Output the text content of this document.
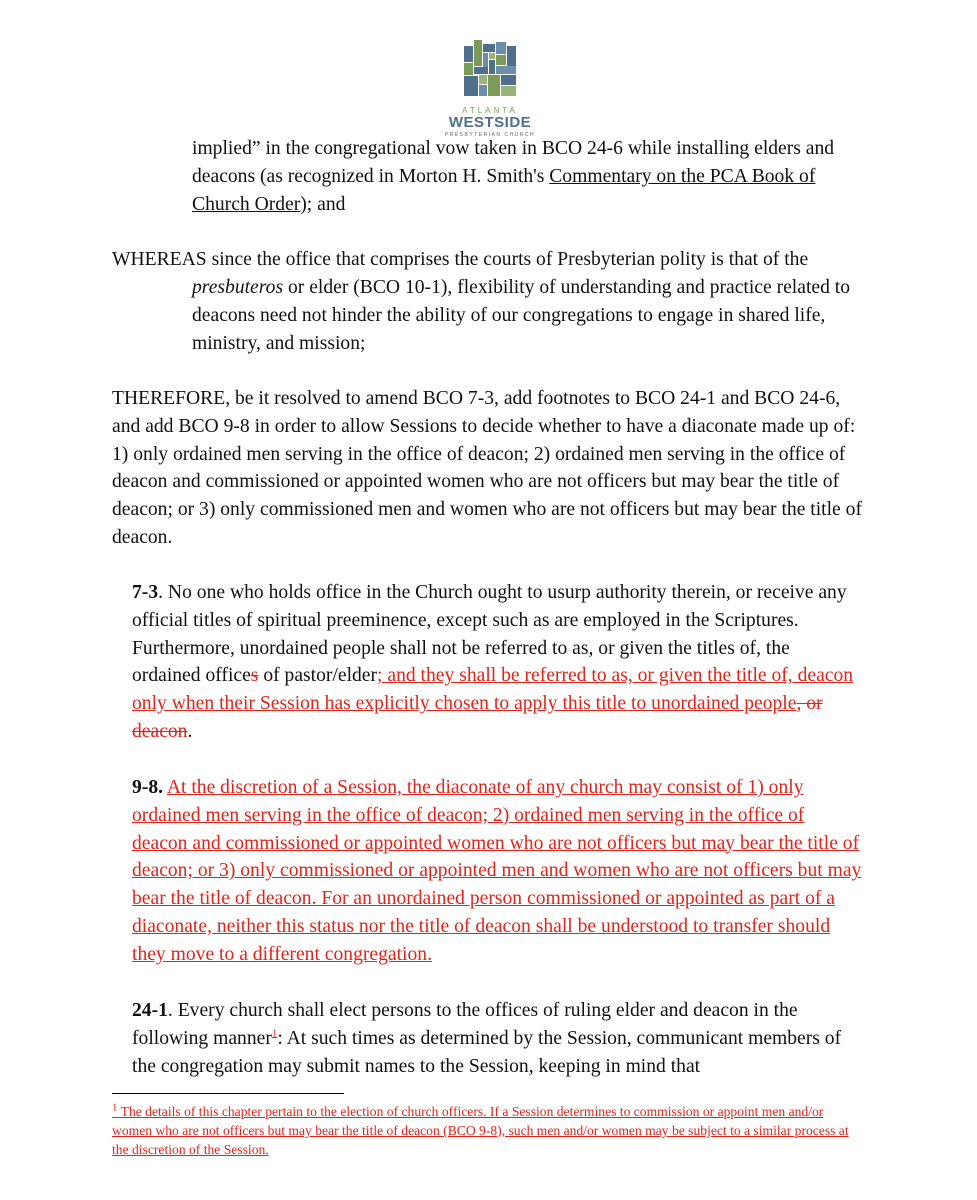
ATLANTA
WESTSIDE
PRESBYTERIAN CHURCH

implied” in the congregational vow taken in BCO 24-6 while installing elders and deacons (as recognized in Morton H. Smith's Commentary on the PCA Book of Church Order); and

WHEREAS since the office that comprises the courts of Presbyterian polity is that of the

presbuteros or elder (BCO 10-1), flexibility of understanding and practice related to deacons need not hinder the ability of our congregations to engage in shared life, ministry, and mission;

THEREFORE, be it resolved to amend BCO 7-3, add footnotes to BCO 24-1 and BCO 24-6, and add BCO 9-8 in order to allow Sessions to decide whether to have a diaconate made up of: 1) only ordained men serving in the office of deacon; 2) ordained men serving in the office of deacon and commissioned or appointed women who are not officers but may bear the title of deacon; or 3) only commissioned men and women who are not officers but may bear the title of deacon.

7-3. No one who holds office in the Church ought to usurp authority therein, or receive any official titles of spiritual preeminence, except such as are employed in the Scriptures. Furthermore, unordained people shall not be referred to as, or given the titles of, the ordained offices of pastor/elder; and they shall be referred to as, or given the title of, deacon only when their Session has explicitly chosen to apply this title to unordained people, or deacon.

9-8. At the discretion of a Session, the diaconate of any church may consist of 1) only ordained men serving in the office of deacon; 2) ordained men serving in the office of deacon and commissioned or appointed women who are not officers but may bear the title of deacon; or 3) only commissioned or appointed men and women who are not officers but may bear the title of deacon. For an unordained person commissioned or appointed as part of a diaconate, neither this status nor the title of deacon shall be understood to transfer should they move to a different congregation.

24-1. Every church shall elect persons to the offices of ruling elder and deacon in the following manner$^1$: At such times as determined by the Session, communicant members of the congregation may submit names to the Session, keeping in mind that

$^1$ The details of this chapter pertain to the election of church officers. If a Session determines to commission or appoint men and/or women who are not officers but may bear the title of deacon (BCO 9-8), such men and/or women may be subject to a similar process at the discretion of the Session.
